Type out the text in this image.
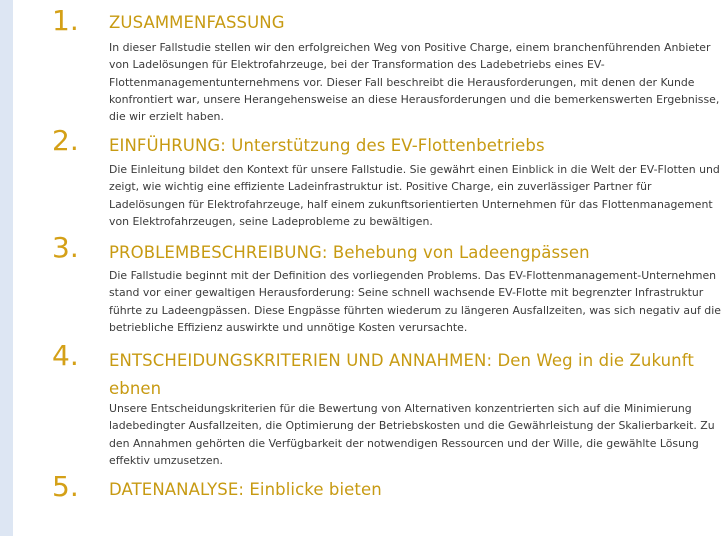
1.	ZUSAMMENFASSUNG

In dieser Fallstudie stellen wir den erfolgreichen Weg von Positive Charge, einem branchenführenden Anbieter von Ladelösungen für Elektrofahrzeuge, bei der Transformation des Ladebetriebs eines EV-Flottenmanagementunternehmens vor. Dieser Fall beschreibt die Herausforderungen, mit denen der Kunde konfrontiert war, unsere Herangehensweise an diese Herausforderungen und die bemerkenswerten Ergebnisse, die wir erzielt haben.

2.	EINFÜHRUNG: Unterstützung des EV-Flottenbetriebs

Die Einleitung bildet den Kontext für unsere Fallstudie. Sie gewährt einen Einblick in die Welt der EV-Flotten und zeigt, wie wichtig eine effiziente Ladeinfrastruktur ist. Positive Charge, ein zuverlässiger Partner für Ladelösungen für Elektrofahrzeuge, half einem zukunftsorientierten Unternehmen für das Flottenmanagement von Elektrofahrzeugen, seine Ladeprobleme zu bewältigen.

3.	PROBLEMBESCHREIBUNG: Behebung von Ladeengpässen

Die Fallstudie beginnt mit der Definition des vorliegenden Problems. Das EV-Flottenmanagement-Unternehmen stand vor einer gewaltigen Herausforderung: Seine schnell wachsende EV-Flotte mit begrenzter Infrastruktur führte zu Ladeengpässen. Diese Engpässe führten wiederum zu längeren Ausfallzeiten, was sich negativ auf die betriebliche Effizienz auswirkte und unnötige Kosten verursachte.

4.	ENTSCHEIDUNGSKRITERIEN UND ANNAHMEN: Den Weg in die Zukunft ebnen

Unsere Entscheidungskriterien für die Bewertung von Alternativen konzentrierten sich auf die Minimierung ladebedingter Ausfallzeiten, die Optimierung der Betriebskosten und die Gewährleistung der Skalierbarkeit. Zu den Annahmen gehörten die Verfügbarkeit der notwendigen Ressourcen und der Wille, die gewählte Lösung effektiv umzusetzen.

5.	DATENANALYSE: Einblicke bieten
